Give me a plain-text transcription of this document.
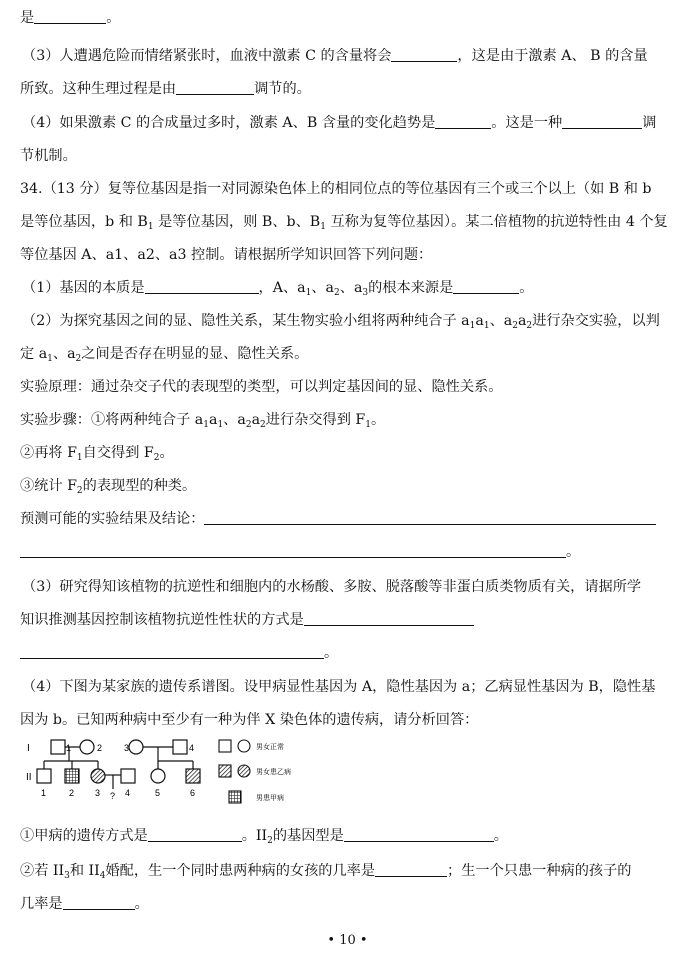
是	。
（3）人遭遇危险而情绪紧张时，血液中激素 C 的含量将会	，这是由于激素 A、 B 的含量
所致。这种生理过程是由	调节的。
（4）如果激素 C 的合成量过多时，激素 A、B 含量的变化趋势是	。这是一种	调
节机制。
34.（13 分）复等位基因是指一对同源染色体上的相同位点的等位基因有三个或三个以上（如 B 和 b
是等位基因，b 和 $B_1$ 是等位基因，则 B、b、$B_1$ 互称为复等位基因）。某二倍植物的抗逆特性由 4 个复
等位基因 A、a1、a2、a3 控制。请根据所学知识回答下列问题：
（1）基因的本质是	，A、$a_1$、$a_2$、$a_3$的根本来源是	。
（2）为探究基因之间的显、隐性关系，某生物实验小组将两种纯合子 $a_1a_1$、$a_2a_2$进行杂交实验，以判
定 $a_1$、$a_2$之间是否存在明显的显、隐性关系。
实验原理：通过杂交子代的表现型的类型，可以判定基因间的显、隐性关系。
实验步骤：①将两种纯合子 $a_1a_1$、$a_2a_2$进行杂交得到 $F_1$。
②再将 $F_1$自交得到 $F_2$。
③统计 $F_2$的表现型的种类。
预测可能的实验结果及结论：
。
（3）研究得知该植物的抗逆性和细胞内的水杨酸、多胺、脱落酸等非蛋白质类物质有关，请据所学
知识推测基因控制该植物抗逆性性状的方式是
。
（4）下图为某家族的遗传系谱图。设甲病显性基因为 A，隐性基因为 a；乙病显性基因为 B，隐性基
因为 b。已知两种病中至少有一种为伴 X 染色体的遗传病，请分析回答：
I
II
1	2 3	4
1	2 3	4	5	6
?
男女正常
男女患乙病
男患甲病
①甲病的遗传方式是	。$II_2$的基因型是	。
②若 $II_3$和 $II_4$婚配，生一个同时患两种病的女孩的几率是	；生一个只患一种病的孩子的
几率是	。
• 10 •
